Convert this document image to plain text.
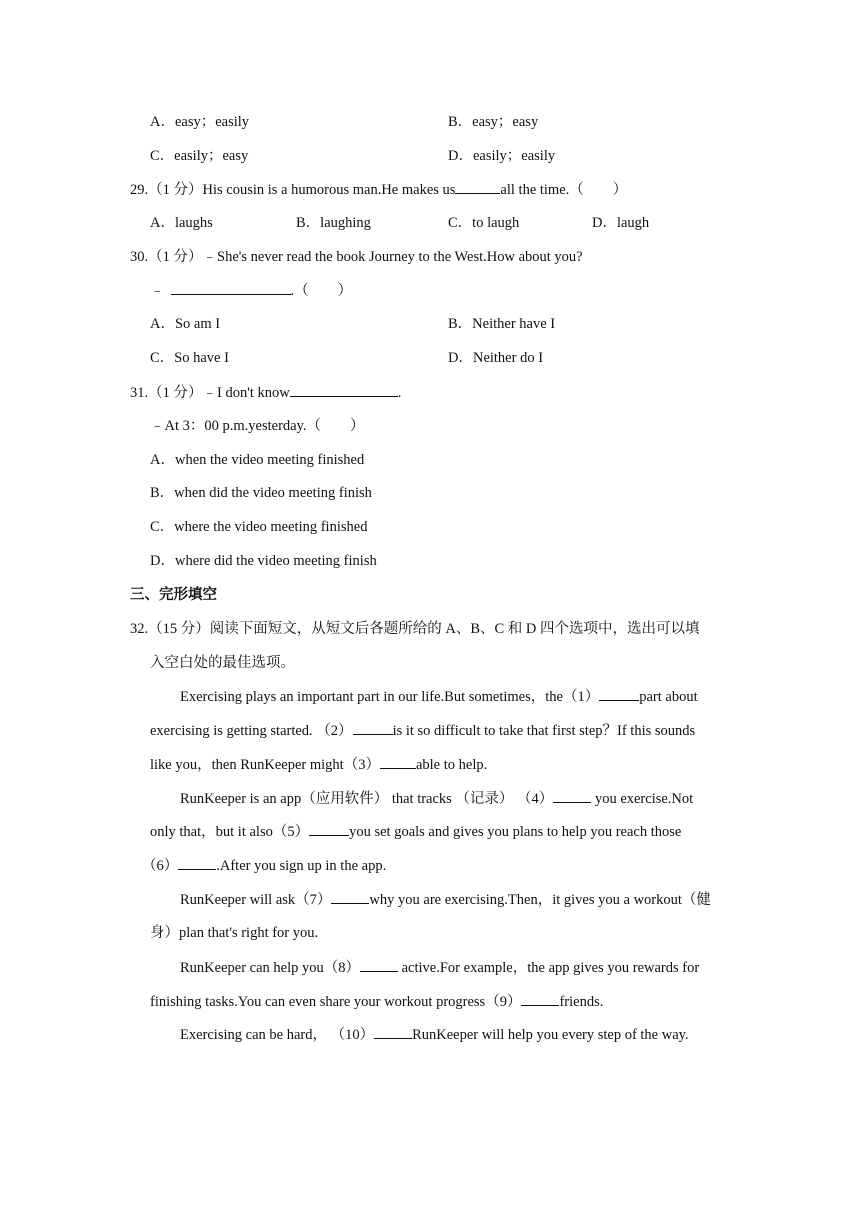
A．easy；easily	B．easy；easy
C．easily；easy	D．easily；easily
29.（1 分）His cousin is a humorous man.He makes us	all the time.（　　）
A．laughs	B．laughing	C．to laugh	D．laugh
30.（1 分）﹣She's never read the book Journey to the West.How about you?
﹣	.（　　）
A．So am I	B．Neither have I
C．So have I	D．Neither do I
31.（1 分）﹣I don't know	.
﹣At 3：00 p.m.yesterday.（　　）
A．when the video meeting finished
B．when did the video meeting finish
C．where the video meeting finished
D．where did the video meeting finish
三、完形填空
32.（15 分）阅读下面短文，从短文后各题所给的 A、B、C 和 D 四个选项中，选出可以填
入空白处的最佳选项。
Exercising plays an important part in our life.But sometimes，the（1）	part about
exercising is getting started. （2）	is it so difficult to take that first step？If this sounds
like you，then RunKeeper might（3） able to help.
RunKeeper is an app（应用软件） that tracks （记录） （4）	you exercise.Not
only that，but it also（5）	you set goals and gives you plans to help you reach those
（6）	.After you sign up in the app.
RunKeeper will ask（7）	why you are exercising.Then，it gives you a workout（健
身）plan that's right for you.
RunKeeper can help you（8）	active.For example，the app gives you rewards for
finishing tasks.You can even share your workout progress（9）	friends.
Exercising can be hard， （10）	RunKeeper will help you every step of the way.
